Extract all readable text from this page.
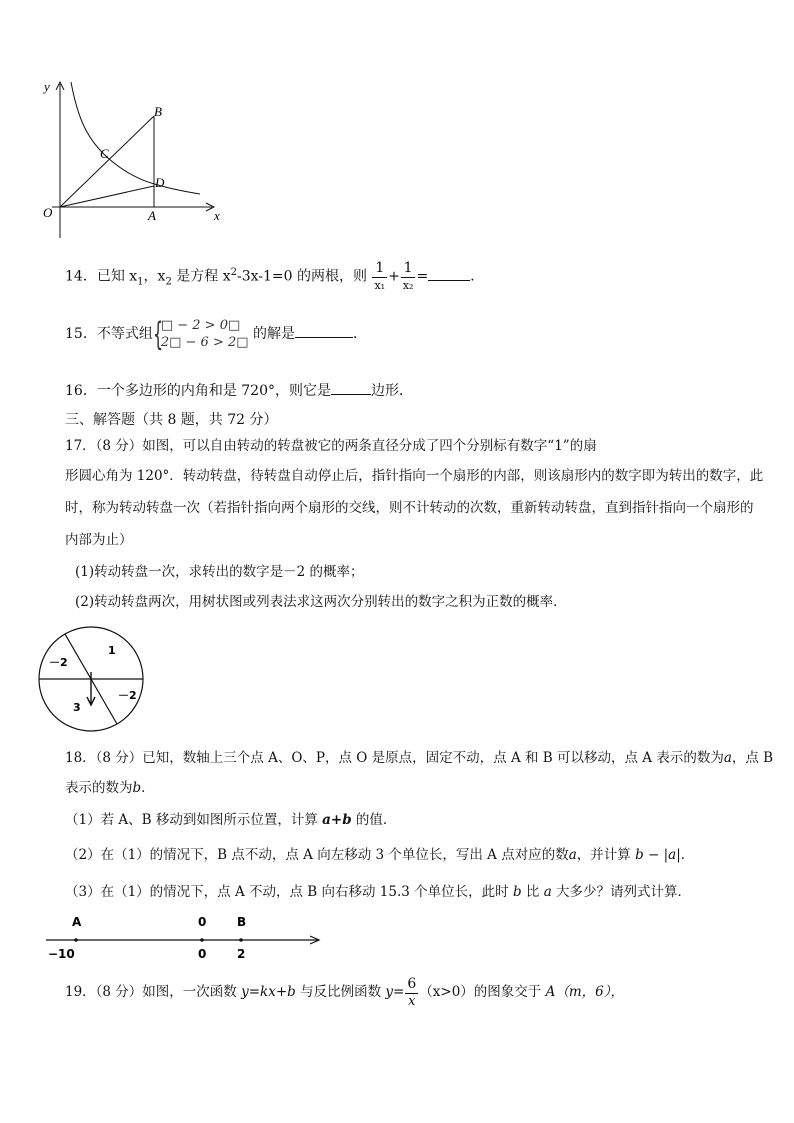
y
x
O	A
B
C
D
14．已知 $x_1$，$x_2$ 是方程 $x^2-3x-1=0$ 的两根，则 $\frac{1}{\text{x₁}} + \frac{1}{\text{x₂}}$ =	．
15．不等式组 {
□ − 2 > 0□
2□ − 6 > 2□
的解是	．
16．一个多边形的内角和是 720°，则它是	边形．
三、解答题（共 8 题，共 72 分）
17．（8 分）如图，可以自由转动的转盘被它的两条直径分成了四个分别标有数字“1”的扇
形圆心角为 120°．转动转盘，待转盘自动停止后，指针指向一个扇形的内部，则该扇形内的数字即为转出的数字，此
时，称为转动转盘一次（若指针指向两个扇形的交线，则不计转动的次数，重新转动转盘，直到指针指向一个扇形的
内部为止）
(1)转动转盘一次，求转出的数字是－2 的概率；
(2)转动转盘两次，用树状图或列表法求这两次分别转出的数字之积为正数的概率．
－2
1
－2
3
18．（8 分）已知，数轴上三个点 A、O、P，点 O 是原点，固定不动，点 A 和 B 可以移动，点 A 表示的数为a，点 B
表示的数为b．
（1）若 A、B 移动到如图所示位置，计算 a+b 的值．
（2）在（1）的情况下，B 点不动，点 A 向左移动 3 个单位长，写出 A 点对应的数a，并计算 b − |a|．
（3）在（1）的情况下，点 A 不动，点 B 向右移动 15.3 个单位长，此时 b 比 a 大多少？请列式计算．
A	0	B
−10	0	2
19．（8 分）如图，一次函数 y=kx+b 与反比例函数 $y= \frac{6}{x} (x>0)$的图象交于 A（m，6），
